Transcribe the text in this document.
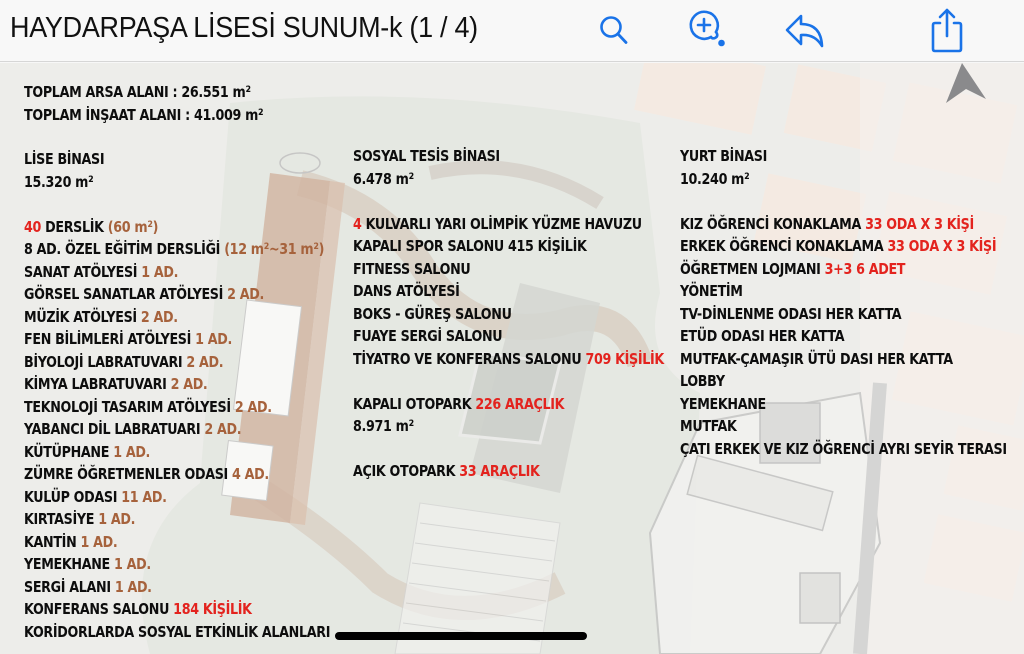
HAYDARPAŞA LİSESİ SUNUM-k (1 / 4)
TOPLAM ARSA ALANI : 26.551 m²
TOPLAM İNŞAAT ALANI : 41.009 m²
LİSE BİNASI
15.320 m²
40 DERSLİK (60 m²)
8 AD. ÖZEL EĞİTİM DERSLİĞİ (12 m²~31 m²)
SANAT ATÖLYESİ 1 AD.
GÖRSEL SANATLAR ATÖLYESİ 2 AD.
MÜZİK ATÖLYESİ 2 AD.
FEN BİLİMLERİ ATÖLYESİ 1 AD.
BİYOLOJİ LABRATUVARI 2 AD.
KİMYA LABRATUVARI 2 AD.
TEKNOLOJİ TASARIM ATÖLYESİ 2 AD.
YABANCI DİL LABRATUARI 2 AD.
KÜTÜPHANE 1 AD.
ZÜMRE ÖĞRETMENLER ODASI 4 AD.
KULÜP ODASI 11 AD.
KIRTASİYE 1 AD.
KANTİN 1 AD.
YEMEKHANE 1 AD.
SERGİ ALANI 1 AD.
KONFERANS SALONU 184 KİŞİLİK
KORİDORLARDA SOSYAL ETKİNLİK ALANLARI
SOSYAL TESİS BİNASI
6.478 m²
4 KULVARLI YARI OLİMPİK YÜZME HAVUZU
KAPALI SPOR SALONU 415 KİŞİLİK
FITNESS SALONU
DANS ATÖLYESİ
BOKS - GÜREŞ SALONU
FUAYE SERGİ SALONU
TİYATRO VE KONFERANS SALONU 709 KİŞİLİK
KAPALI OTOPARK 226 ARAÇLIK
8.971 m²
AÇIK OTOPARK 33 ARAÇLIK
YURT BİNASI
10.240 m²
KIZ ÖĞRENCİ KONAKLAMA 33 ODA X 3 KİŞİ
ERKEK ÖĞRENCİ KONAKLAMA 33 ODA X 3 KİŞİ
ÖĞRETMEN LOJMANI 3+3 6 ADET
YÖNETİM
TV-DİNLENME ODASI HER KATTA
ETÜD ODASI HER KATTA
MUTFAK-ÇAMAŞIR ÜTÜ DASI HER KATTA
LOBBY
YEMEKHANE
MUTFAK
ÇATI ERKEK VE KIZ ÖĞRENCİ AYRI SEYİR TERASI
